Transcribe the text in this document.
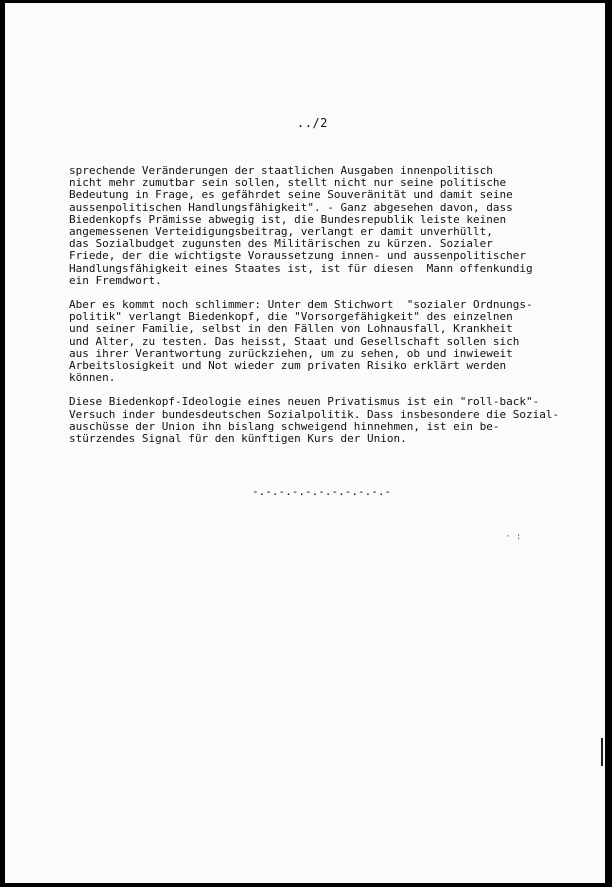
../2
sprechende Veränderungen der staatlichen Ausgaben innenpolitisch
nicht mehr zumutbar sein sollen, stellt nicht nur seine politische
Bedeutung in Frage, es gefährdet seine Souveränität und damit seine
aussenpolitischen Handlungsfähigkeit". - Ganz abgesehen davon, dass
Biedenkopfs Prämisse abwegig ist, die Bundesrepublik leiste keinen
angemessenen Verteidigungsbeitrag, verlangt er damit unverhüllt,
das Sozialbudget zugunsten des Militärischen zu kürzen. Sozialer
Friede, der die wichtigste Voraussetzung innen- und aussenpolitischer
Handlungsfähigkeit eines Staates ist, ist für diesen  Mann offenkundig
ein Fremdwort.
Aber es kommt noch schlimmer: Unter dem Stichwort  "sozialer Ordnungs-
politik" verlangt Biedenkopf, die "Vorsorgefähigkeit" des einzelnen
und seiner Familie, selbst in den Fällen von Lohnausfall, Krankheit
und Alter, zu testen. Das heisst, Staat und Gesellschaft sollen sich
aus ihrer Verantwortung zurückziehen, um zu sehen, ob und inwieweit
Arbeitslosigkeit und Not wieder zum privaten Risiko erklärt werden
können.
Diese Biedenkopf-Ideologie eines neuen Privatismus ist ein "roll-back"-
Versuch inder bundesdeutschen Sozialpolitik. Dass insbesondere die Sozial-
auschüsse der Union ihn bislang schweigend hinnehmen, ist ein be-
stürzendes Signal für den künftigen Kurs der Union.
-.-.-.-.-.-.-.-.-.-.-
· :
